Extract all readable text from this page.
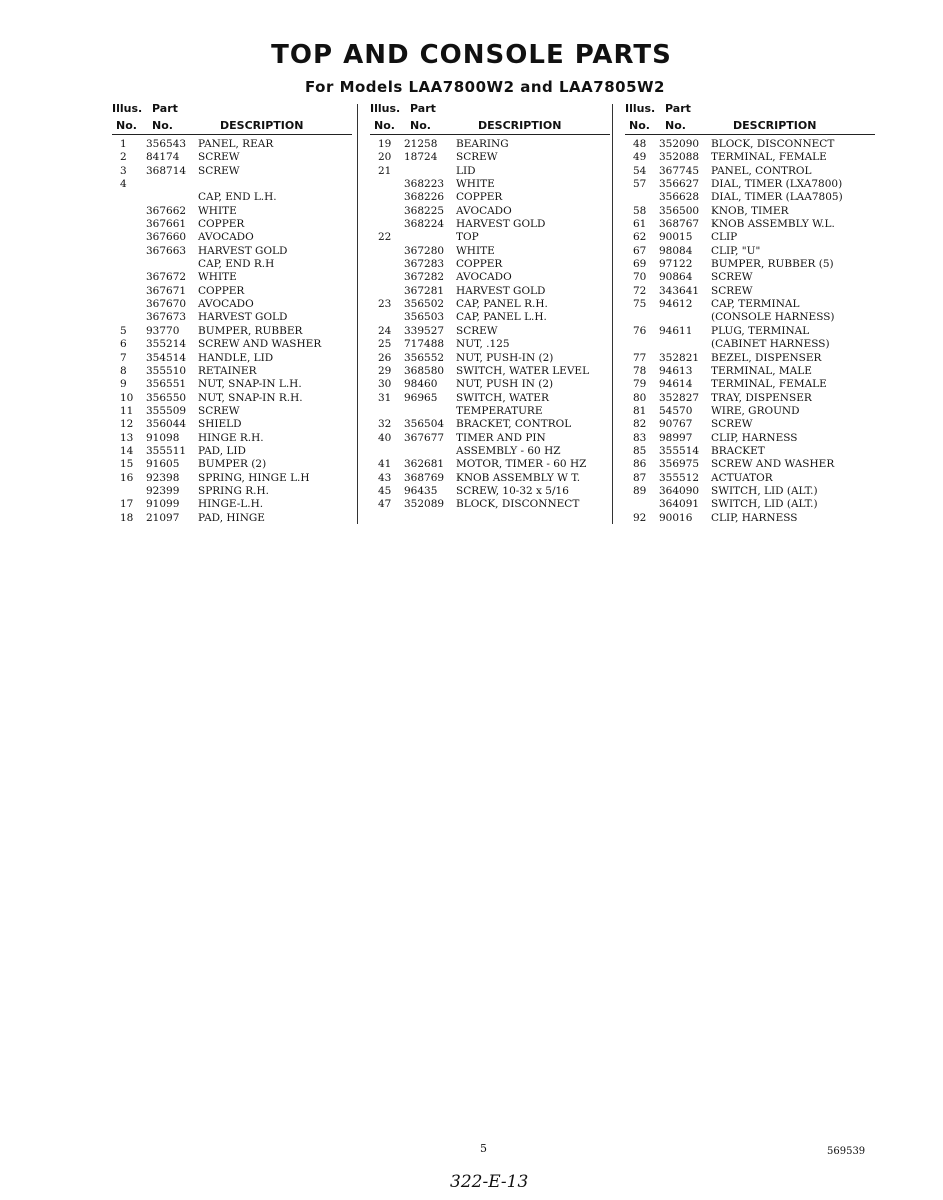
TOP AND CONSOLE PARTS
For Models LAA7800W2 and LAA7805W2
Illus. Part
No. No.	DESCRIPTION
1 356543 PANEL, REAR
2 84174 SCREW
3 368714 SCREW
4
CAP, END L.H.
367662 WHITE
367661 COPPER
367660 AVOCADO
367663 HARVEST GOLD
CAP, END R.H
367672 WHITE
367671 COPPER
367670 AVOCADO
367673 HARVEST GOLD
5 93770 BUMPER, RUBBER
6 355214 SCREW AND WASHER
7 354514 HANDLE, LID
8 355510 RETAINER
9 356551 NUT, SNAP-IN L.H.
10 356550 NUT, SNAP-IN R.H.
11 355509 SCREW
12 356044 SHIELD
13 91098 HINGE R.H.
14 355511 PAD, LID
15 91605 BUMPER (2)
16 92398 SPRING, HINGE L.H
92399 SPRING R.H.
17 91099 HINGE-L.H.
18 21097 PAD, HINGE
Illus. Part
No. No.	DESCRIPTION
19 21258 BEARING
20 18724 SCREW
21	LID
368223 WHITE
368226 COPPER
368225 AVOCADO
368224 HARVEST GOLD
22	TOP
367280 WHITE
367283 COPPER
367282 AVOCADO
367281 HARVEST GOLD
23 356502 CAP, PANEL R.H.
356503 CAP, PANEL L.H.
24 339527 SCREW
25 717488 NUT, .125
26 356552 NUT, PUSH-IN (2)
29 368580 SWITCH, WATER LEVEL
30 98460 NUT, PUSH IN (2)
31 96965 SWITCH, WATER
TEMPERATURE
32 356504 BRACKET, CONTROL
40 367677 TIMER AND PIN
ASSEMBLY - 60 HZ
41 362681 MOTOR, TIMER - 60 HZ
43 368769 KNOB ASSEMBLY W T.
45 96435 SCREW, 10-32 x 5/16
47 352089 BLOCK, DISCONNECT
Illus. Part
No. No.	DESCRIPTION
48 352090 BLOCK, DISCONNECT
49 352088 TERMINAL, FEMALE
54 367745 PANEL, CONTROL
57 356627 DIAL, TIMER (LXA7800)
356628 DIAL, TIMER (LAA7805)
58 356500 KNOB, TIMER
61 368767 KNOB ASSEMBLY W.L.
62 90015 CLIP
67 98084 CLIP, "U"
69 97122 BUMPER, RUBBER (5)
70 90864 SCREW
72 343641 SCREW
75 94612 CAP, TERMINAL
(CONSOLE HARNESS)
76 94611 PLUG, TERMINAL
(CABINET HARNESS)
77 352821 BEZEL, DISPENSER
78 94613 TERMINAL, MALE
79 94614 TERMINAL, FEMALE
80 352827 TRAY, DISPENSER
81 54570 WIRE, GROUND
82 90767 SCREW
83 98997 CLIP, HARNESS
85 355514 BRACKET
86 356975 SCREW AND WASHER
87 355512 ACTUATOR
89 364090 SWITCH, LID (ALT.)
364091 SWITCH, LID (ALT.)
92 90016 CLIP, HARNESS
5	569539
322-E-13
